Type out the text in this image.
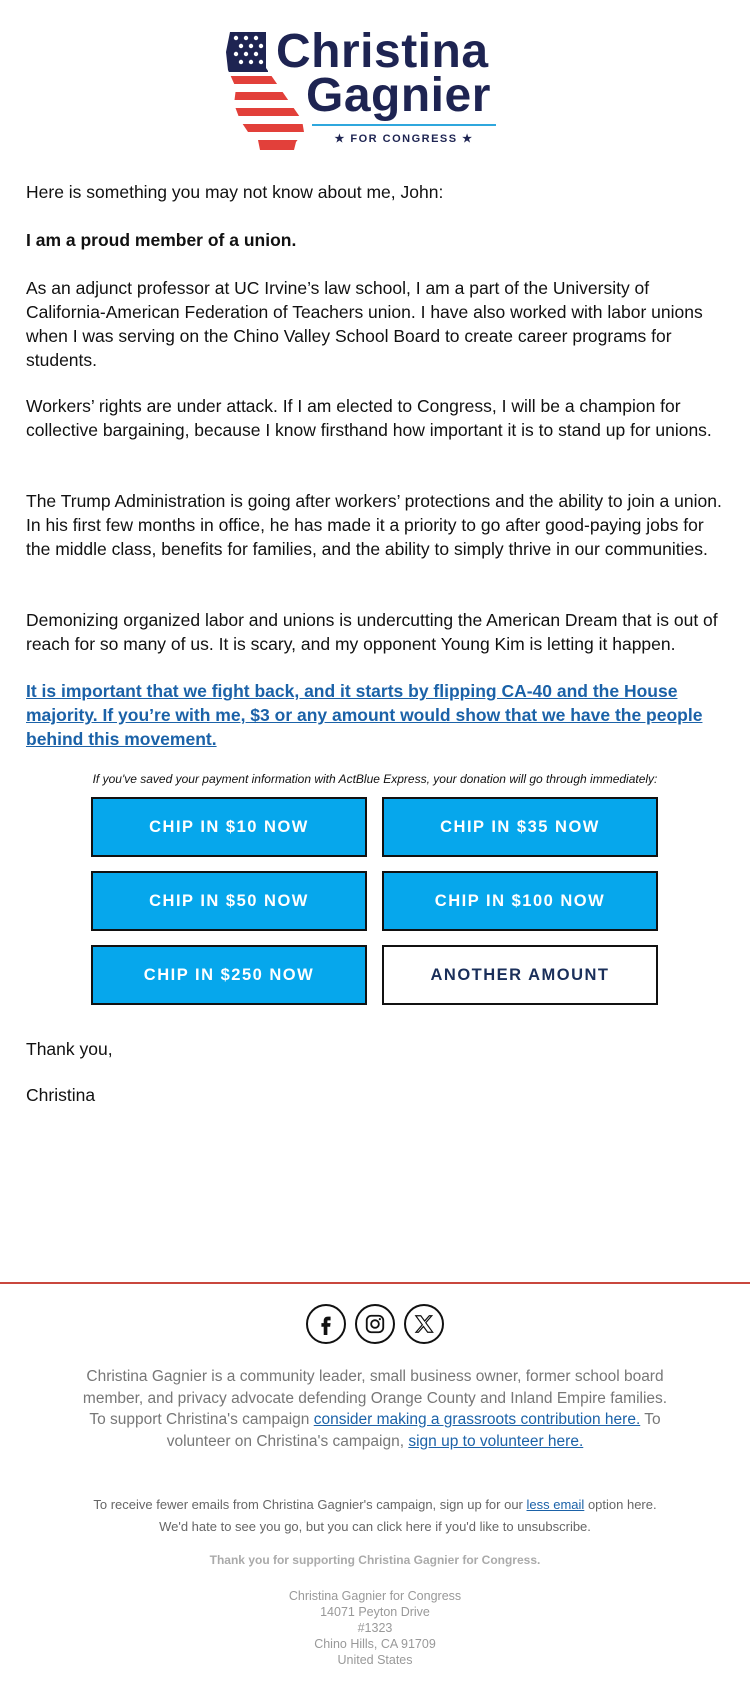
Christina
Gagnier
★ FOR CONGRESS ★

Here is something you may not know about me, John:

I am a proud member of a union.

As an adjunct professor at UC Irvine’s law school, I am a part of the University of California-American Federation of Teachers union. I have also worked with labor unions when I was serving on the Chino Valley School Board to create career programs for students.

Workers’ rights are under attack. If I am elected to Congress, I will be a champion for collective bargaining, because I know firsthand how important it is to stand up for unions.

The Trump Administration is going after workers’ protections and the ability to join a union. In his first few months in office, he has made it a priority to go after good-paying jobs for the middle class, benefits for families, and the ability to simply thrive in our communities.

Demonizing organized labor and unions is undercutting the American Dream that is out of reach for so many of us. It is scary, and my opponent Young Kim is letting it happen.

It is important that we fight back, and it starts by flipping CA-40 and the House majority. If you’re with me, $3 or any amount would show that we have the people behind this movement.

If you've saved your payment information with ActBlue Express, your donation will go through immediately:
CHIP IN $10 NOW	CHIP IN $35 NOW
CHIP IN $50 NOW	CHIP IN $100 NOW
CHIP IN $250 NOW	ANOTHER AMOUNT

Thank you,

Christina

Christina Gagnier is a community leader, small business owner, former school board member, and privacy advocate defending Orange County and Inland Empire families. To support Christina's campaign consider making a grassroots contribution here. To volunteer on Christina's campaign, sign up to volunteer here.
To receive fewer emails from Christina Gagnier's campaign, sign up for our less email option here. We'd hate to see you go, but you can click here if you'd like to unsubscribe.
Thank you for supporting Christina Gagnier for Congress.
Christina Gagnier for Congress
14071 Peyton Drive
#1323
Chino Hills, CA 91709
United States
